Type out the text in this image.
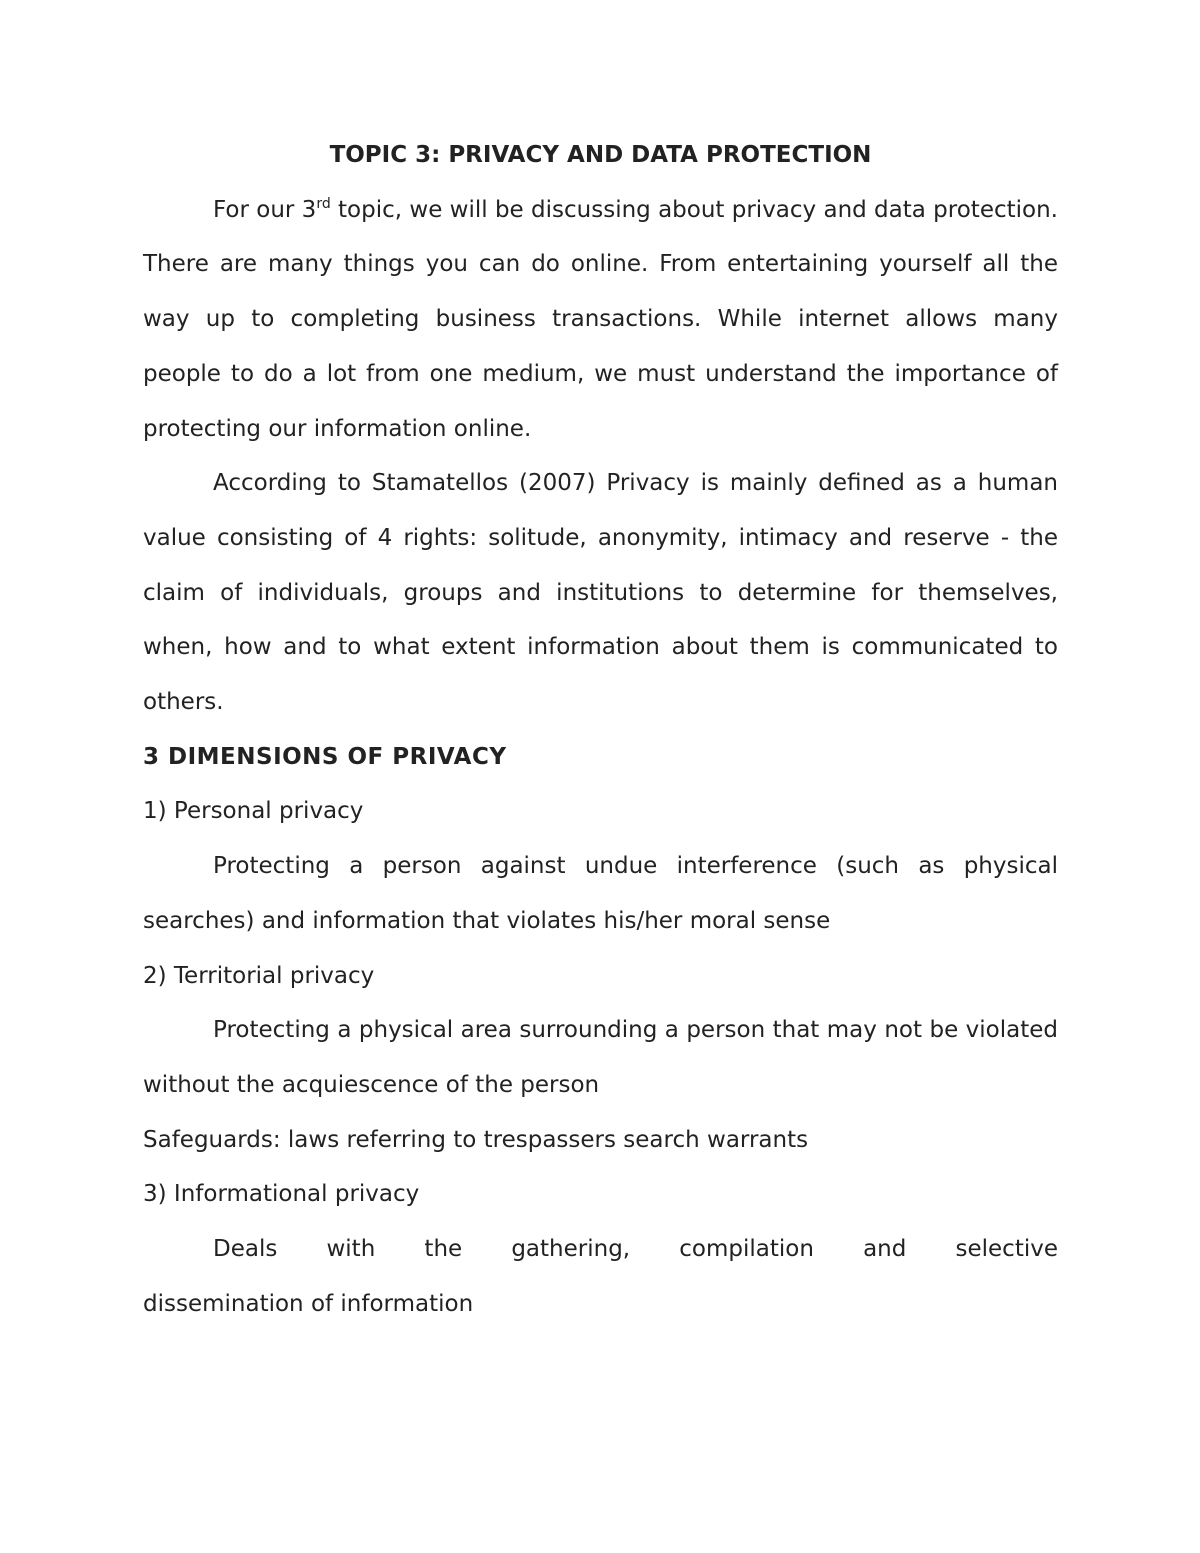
TOPIC 3: PRIVACY AND DATA PROTECTION

For our 3rd topic, we will be discussing about privacy and data protection. There are many things you can do online. From entertaining yourself all the way up to completing business transactions. While internet allows many people to do a lot from one medium, we must understand the importance of protecting our information online.

According to Stamatellos (2007) Privacy is mainly defined as a human value consisting of 4 rights: solitude, anonymity, intimacy and reserve - the claim of individuals, groups and institutions to determine for themselves, when, how and to what extent information about them is communicated to others.

3 DIMENSIONS OF PRIVACY

1) Personal privacy

Protecting a person against undue interference (such as physical searches) and information that violates his/her moral sense

2) Territorial privacy

Protecting a physical area surrounding a person that may not be violated without the acquiescence of the person

Safeguards: laws referring to trespassers search warrants

3) Informational privacy

Deals with the gathering, compilation and selective

dissemination of information
